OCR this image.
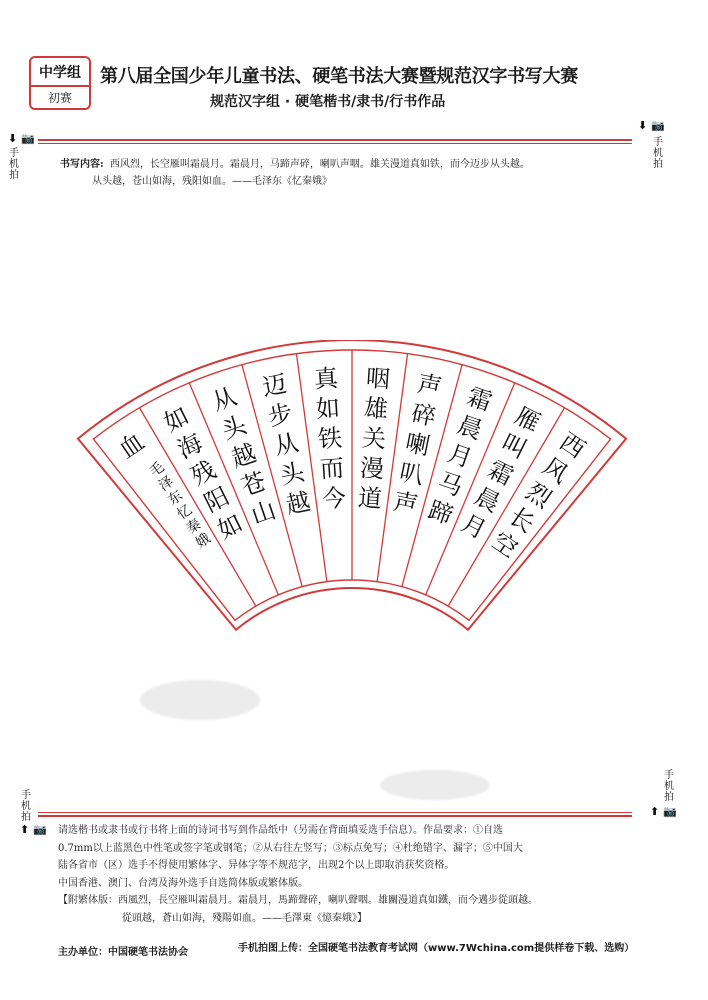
中学组
初赛
第八届全国少年儿童书法、硬笔书法大赛暨规范汉字书写大赛
规范汉字组 · 硬笔楷书/隶书/行书作品
⬇ 📷
手机拍
⬇ 📷
手机拍
书写内容: 西风烈，长空雁叫霜晨月。霜晨月，马蹄声碎，喇叭声咽。雄关漫道真如铁，而今迈步从头越。
从头越，苍山如海，残阳如血。——毛泽东《忆秦娥》
西
风
烈
长
空
雁
叫
霜
晨
月
霜
晨
月
马
蹄
声
碎
喇
叭
声
咽
雄
关
漫
道
真
如
铁
而
今
迈
步
从
头
越
从
头
越
苍
山
如
海
残
阳
如
血
毛
泽
东
忆
秦
娥
手机拍
⬆ 📷
手机拍
⬆ 📷

请选楷书或隶书或行书将上面的诗词书写到作品纸中（另需在背面填妥选手信息）。作品要求：①自选

0.7mm以上蓝黑色中性笔或签字笔或钢笔；②从右往左竖写；③标点免写；④杜绝错字、漏字；⑤中国大

陆各省市（区）选手不得使用繁体字、异体字等不规范字，出现2个以上即取消获奖资格。

中国香港、澳门、台湾及海外选手自选简体版或繁体版。

【附繁体版：西風烈，長空雁叫霜晨月。霜晨月，馬蹄聲碎，喇叭聲咽。雄關漫道真如鐵，而今邁步從頭越。

從頭越，蒼山如海，殘陽如血。——毛澤東《憶秦娥》】

主办单位：中国硬笔书法协会	手机拍图上传：全国硬笔书法教育考试网（www.7Wchina.com提供样卷下载、选购）
